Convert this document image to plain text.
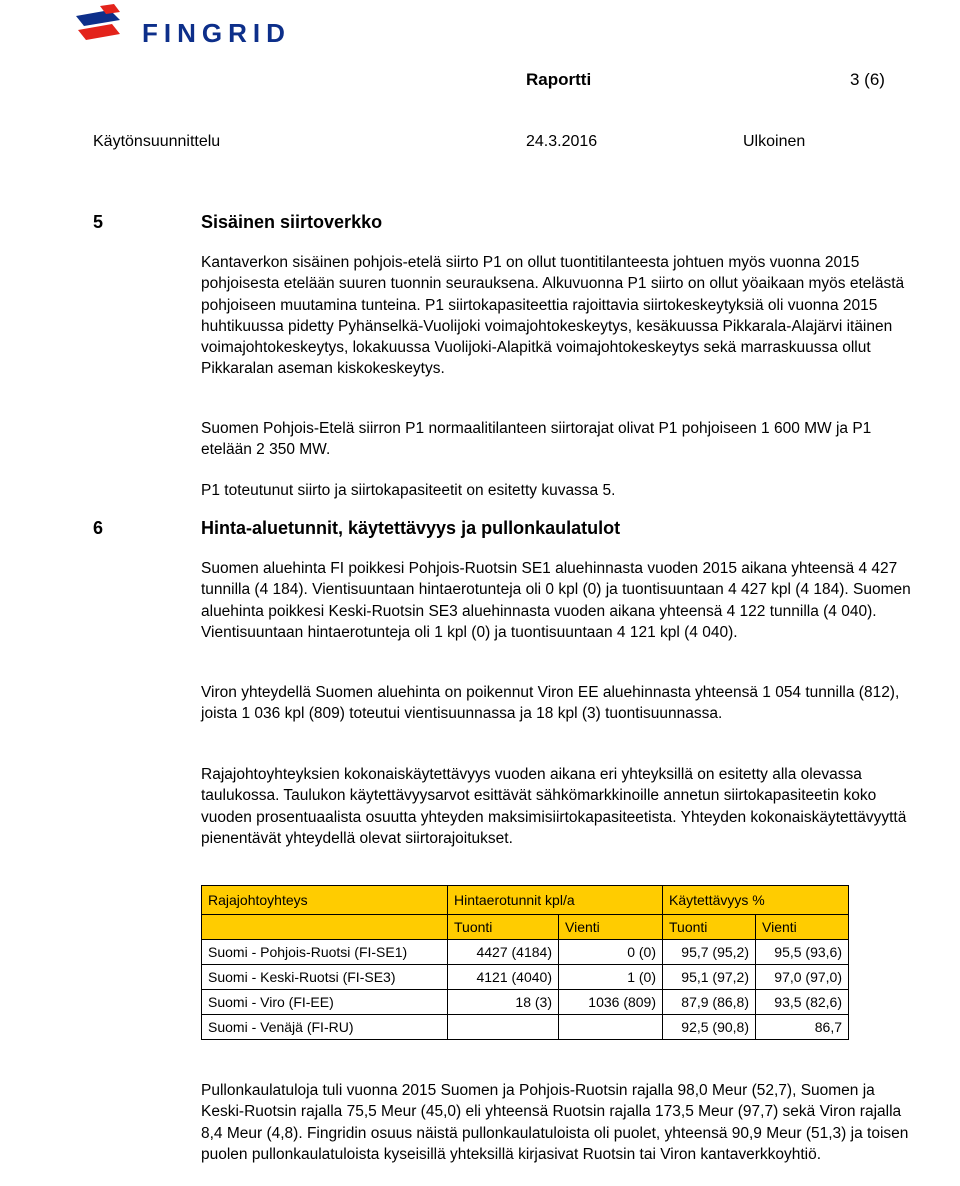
FINGRID
Raportti	3 (6)
Käytönsuunnittelu	24.3.2016	Ulkoinen
5	Sisäinen siirtoverkko
Kantaverkon sisäinen pohjois-etelä siirto P1 on ollut tuontitilanteesta johtuen myös vuonna 2015 pohjoisesta etelään suuren tuonnin seurauksena. Alkuvuonna P1 siirto on ollut yöaikaan myös etelästä pohjoiseen muutamina tunteina. P1 siirtokapasiteettia rajoittavia siirtokeskeytyksiä oli vuonna 2015 huhtikuussa pidetty Pyhänselkä-Vuolijoki voimajohtokeskeytys, kesäkuussa Pikkarala-Alajärvi itäinen voimajohtokeskeytys, lokakuussa Vuolijoki-Alapitkä voimajohtokeskeytys sekä marraskuussa ollut Pikkaralan aseman kiskokeskeytys.
Suomen Pohjois-Etelä siirron P1 normaalitilanteen siirtorajat olivat P1 pohjoiseen 1 600 MW ja P1 etelään 2 350 MW.
P1 toteutunut siirto ja siirtokapasiteetit on esitetty kuvassa 5.
6	Hinta-aluetunnit, käytettävyys ja pullonkaulatulot
Suomen aluehinta FI poikkesi Pohjois-Ruotsin SE1 aluehinnasta vuoden 2015 aikana yhteensä 4 427 tunnilla (4 184). Vientisuuntaan hintaerotunteja oli 0 kpl (0) ja tuontisuuntaan 4 427 kpl (4 184). Suomen aluehinta poikkesi Keski-Ruotsin SE3 aluehinnasta vuoden aikana yhteensä 4 122 tunnilla (4 040). Vientisuuntaan hintaerotunteja oli 1 kpl (0) ja tuontisuuntaan 4 121 kpl (4 040).
Viron yhteydellä Suomen aluehinta on poikennut Viron EE aluehinnasta yhteensä 1 054 tunnilla (812), joista 1 036 kpl (809) toteutui vientisuunnassa ja 18 kpl (3) tuontisuunnassa.
Rajajohtoyhteyksien kokonaiskäytettävyys vuoden aikana eri yhteyksillä on esitetty alla olevassa taulukossa. Taulukon käytettävyysarvot esittävät sähkömarkkinoille annetun siirtokapasiteetin koko vuoden prosentuaalista osuutta yhteyden maksimisiirtokapasiteetista. Yhteyden kokonaiskäytettävyyttä pienentävät yhteydellä olevat siirtorajoitukset.
Rajajohtoyhteys	Hintaerotunnit kpl/a		Käytettävyys %	
	Tuonti	Vienti	Tuonti	Vienti
Suomi - Pohjois-Ruotsi (FI-SE1)	4427 (4184)	0 (0)	95,7 (95,2)	95,5 (93,6)
Suomi - Keski-Ruotsi (FI-SE3)	4121 (4040)	1 (0)	95,1 (97,2)	97,0 (97,0)
Suomi - Viro (FI-EE)	18 (3)	1036 (809)	87,9 (86,8)	93,5 (82,6)
Suomi - Venäjä (FI-RU)			92,5 (90,8)	86,7
Pullonkaulatuloja tuli vuonna 2015 Suomen ja Pohjois-Ruotsin rajalla 98,0 Meur (52,7), Suomen ja Keski-Ruotsin rajalla 75,5 Meur (45,0) eli yhteensä Ruotsin rajalla 173,5 Meur (97,7) sekä Viron rajalla 8,4 Meur (4,8). Fingridin osuus näistä pullonkaulatuloista oli puolet, yhteensä 90,9 Meur (51,3) ja toisen puolen pullonkaulatuloista kyseisillä yhteksillä kirjasivat Ruotsin tai Viron kantaverkkoyhtiö.
